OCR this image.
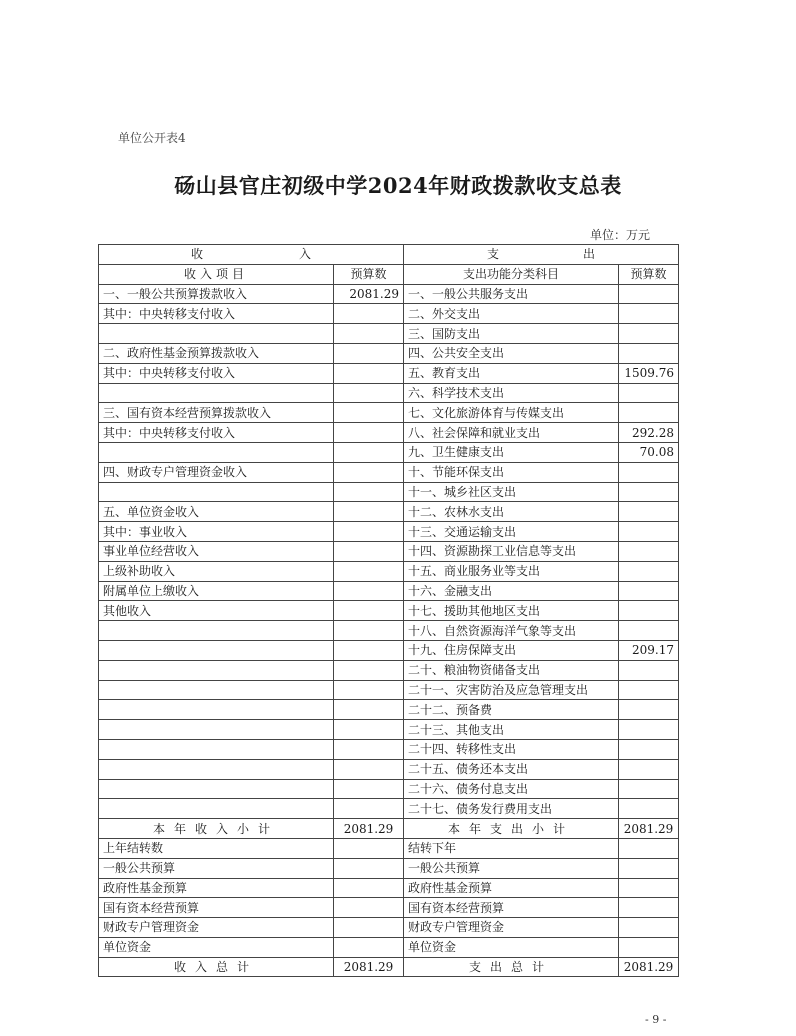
单位公开表4
砀山县官庄初级中学2024年财政拨款收支总表
单位：万元
收　　　　　　　　入		支　　　　　　　出	
收入项目	预算数	支出功能分类科目	预算数
一、一般公共预算拨款收入	2081.29	一、一般公共服务支出	
其中：中央转移支付收入		二、外交支出	
		三、国防支出	
二、政府性基金预算拨款收入		四、公共安全支出	
其中：中央转移支付收入		五、教育支出	1509.76
		六、科学技术支出	
三、国有资本经营预算拨款收入		七、文化旅游体育与传媒支出	
其中：中央转移支付收入		八、社会保障和就业支出	292.28
		九、卫生健康支出	70.08
四、财政专户管理资金收入		十、节能环保支出	
		十一、城乡社区支出	
五、单位资金收入		十二、农林水支出	
其中：事业收入		十三、交通运输支出	
事业单位经营收入		十四、资源勘探工业信息等支出	
上级补助收入		十五、商业服务业等支出	
附属单位上缴收入		十六、金融支出	
其他收入		十七、援助其他地区支出	
		十八、自然资源海洋气象等支出	
		十九、住房保障支出	209.17
		二十、粮油物资储备支出	
		二十一、灾害防治及应急管理支出	
		二十二、预备费	
		二十三、其他支出	
		二十四、转移性支出	
		二十五、债务还本支出	
		二十六、债务付息支出	
		二十七、债务发行费用支出	
本年收入小计	2081.29	本年支出小计	2081.29
上年结转数		结转下年	
一般公共预算		一般公共预算	
政府性基金预算		政府性基金预算	
国有资本经营预算		国有资本经营预算	
财政专户管理资金		财政专户管理资金	
单位资金		单位资金	
收入总计	2081.29	支出总计	2081.29
- 9 -
